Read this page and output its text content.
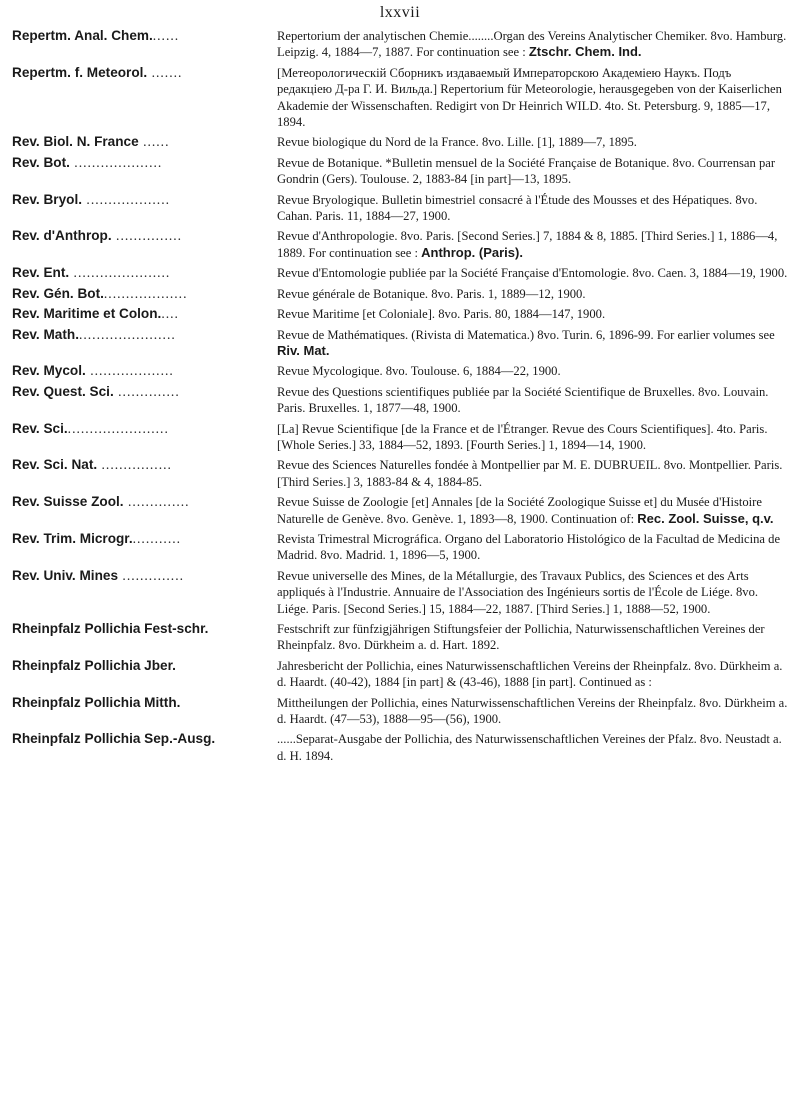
lxxvii
Repertm. Anal. Chem.......	Repertorium der analytischen Chemie........Organ des Vereins Analytischer Chemiker. 8vo. Hamburg. Leipzig. 4, 1884—7, 1887. For continuation see : Ztschr. Chem. Ind.
Repertm. f. Meteorol. .......	[Метеорологическій Сборникъ издаваемый Императорскою Академіею Наукъ. Подъ редакціею Д-ра Г. И. Вильда.] Repertorium für Meteorologie, herausgegeben von der Kaiserlichen Akademie der Wissenschaften. Redigirt von Dr Heinrich WILD. 4to. St. Petersburg. 9, 1885—17, 1894.
Rev. Biol. N. France ......	Revue biologique du Nord de la France. 8vo. Lille. [1], 1889—7, 1895.
Rev. Bot. ....................	Revue de Botanique. *Bulletin mensuel de la Société Française de Botanique. 8vo. Courrensan par Gondrin (Gers). Toulouse. 2, 1883-84 [in part]—13, 1895.
Rev. Bryol. ...................	Revue Bryologique. Bulletin bimestriel consacré à l'Étude des Mousses et des Hépatiques. 8vo. Cahan. Paris. 11, 1884—27, 1900.
Rev. d'Anthrop. ...............	Revue d'Anthropologie. 8vo. Paris. [Second Series.] 7, 1884 & 8, 1885. [Third Series.] 1, 1886—4, 1889. For continuation see : Anthrop. (Paris).
Rev. Ent. ......................	Revue d'Entomologie publiée par la Société Française d'Entomologie. 8vo. Caen. 3, 1884—19, 1900.
Rev. Gén. Bot....................	Revue générale de Botanique. 8vo. Paris. 1, 1889—12, 1900.
Rev. Maritime et Colon.....	Revue Maritime [et Coloniale]. 8vo. Paris. 80, 1884—147, 1900.
Rev. Math.......................	Revue de Mathématiques. (Rivista di Matematica.) 8vo. Turin. 6, 1896-99. For earlier volumes see Riv. Mat.
Rev. Mycol. ...................	Revue Mycologique. 8vo. Toulouse. 6, 1884—22, 1900.
Rev. Quest. Sci. ..............	Revue des Questions scientifiques publiée par la Société Scientifique de Bruxelles. 8vo. Louvain. Paris. Bruxelles. 1, 1877—48, 1900.
Rev. Sci........................	[La] Revue Scientifique [de la France et de l'Étranger. Revue des Cours Scientifiques]. 4to. Paris. [Whole Series.] 33, 1884—52, 1893. [Fourth Series.] 1, 1894—14, 1900.
Rev. Sci. Nat. ................	Revue des Sciences Naturelles fondée à Montpellier par M. E. DUBRUEIL. 8vo. Montpellier. Paris. [Third Series.] 3, 1883-84 & 4, 1884-85.
Rev. Suisse Zool. ..............	Revue Suisse de Zoologie [et] Annales [de la Société Zoologique Suisse et] du Musée d'Histoire Naturelle de Genève. 8vo. Genève. 1, 1893—8, 1900. Continuation of: Rec. Zool. Suisse, q.v.
Rev. Trim. Microgr............	Revista Trimestral Micrográfica. Organo del Laboratorio Histológico de la Facultad de Medicina de Madrid. 8vo. Madrid. 1, 1896—5, 1900.
Rev. Univ. Mines ..............	Revue universelle des Mines, de la Métallurgie, des Travaux Publics, des Sciences et des Arts appliqués à l'Industrie. Annuaire de l'Association des Ingénieurs sortis de l'École de Liége. 8vo. Liége. Paris. [Second Series.] 15, 1884—22, 1887. [Third Series.] 1, 1888—52, 1900.
Rheinpfalz Pollichia Fest-schr.	Festschrift zur fünfzigjährigen Stiftungsfeier der Pollichia, Naturwissenschaftlichen Vereines der Rheinpfalz. 8vo. Dürkheim a. d. Hart. 1892.
Rheinpfalz Pollichia Jber.	Jahresbericht der Pollichia, eines Naturwissenschaftlichen Vereins der Rheinpfalz. 8vo. Dürkheim a. d. Haardt. (40-42), 1884 [in part] & (43-46), 1888 [in part]. Continued as :
Rheinpfalz Pollichia Mitth.	Mittheilungen der Pollichia, eines Naturwissenschaftlichen Vereins der Rheinpfalz. 8vo. Dürkheim a. d. Haardt. (47—53), 1888—95—(56), 1900.
Rheinpfalz Pollichia Sep.-Ausg.	......Separat-Ausgabe der Pollichia, des Naturwissenschaftlichen Vereines der Pfalz. 8vo. Neustadt a. d. H. 1894.
